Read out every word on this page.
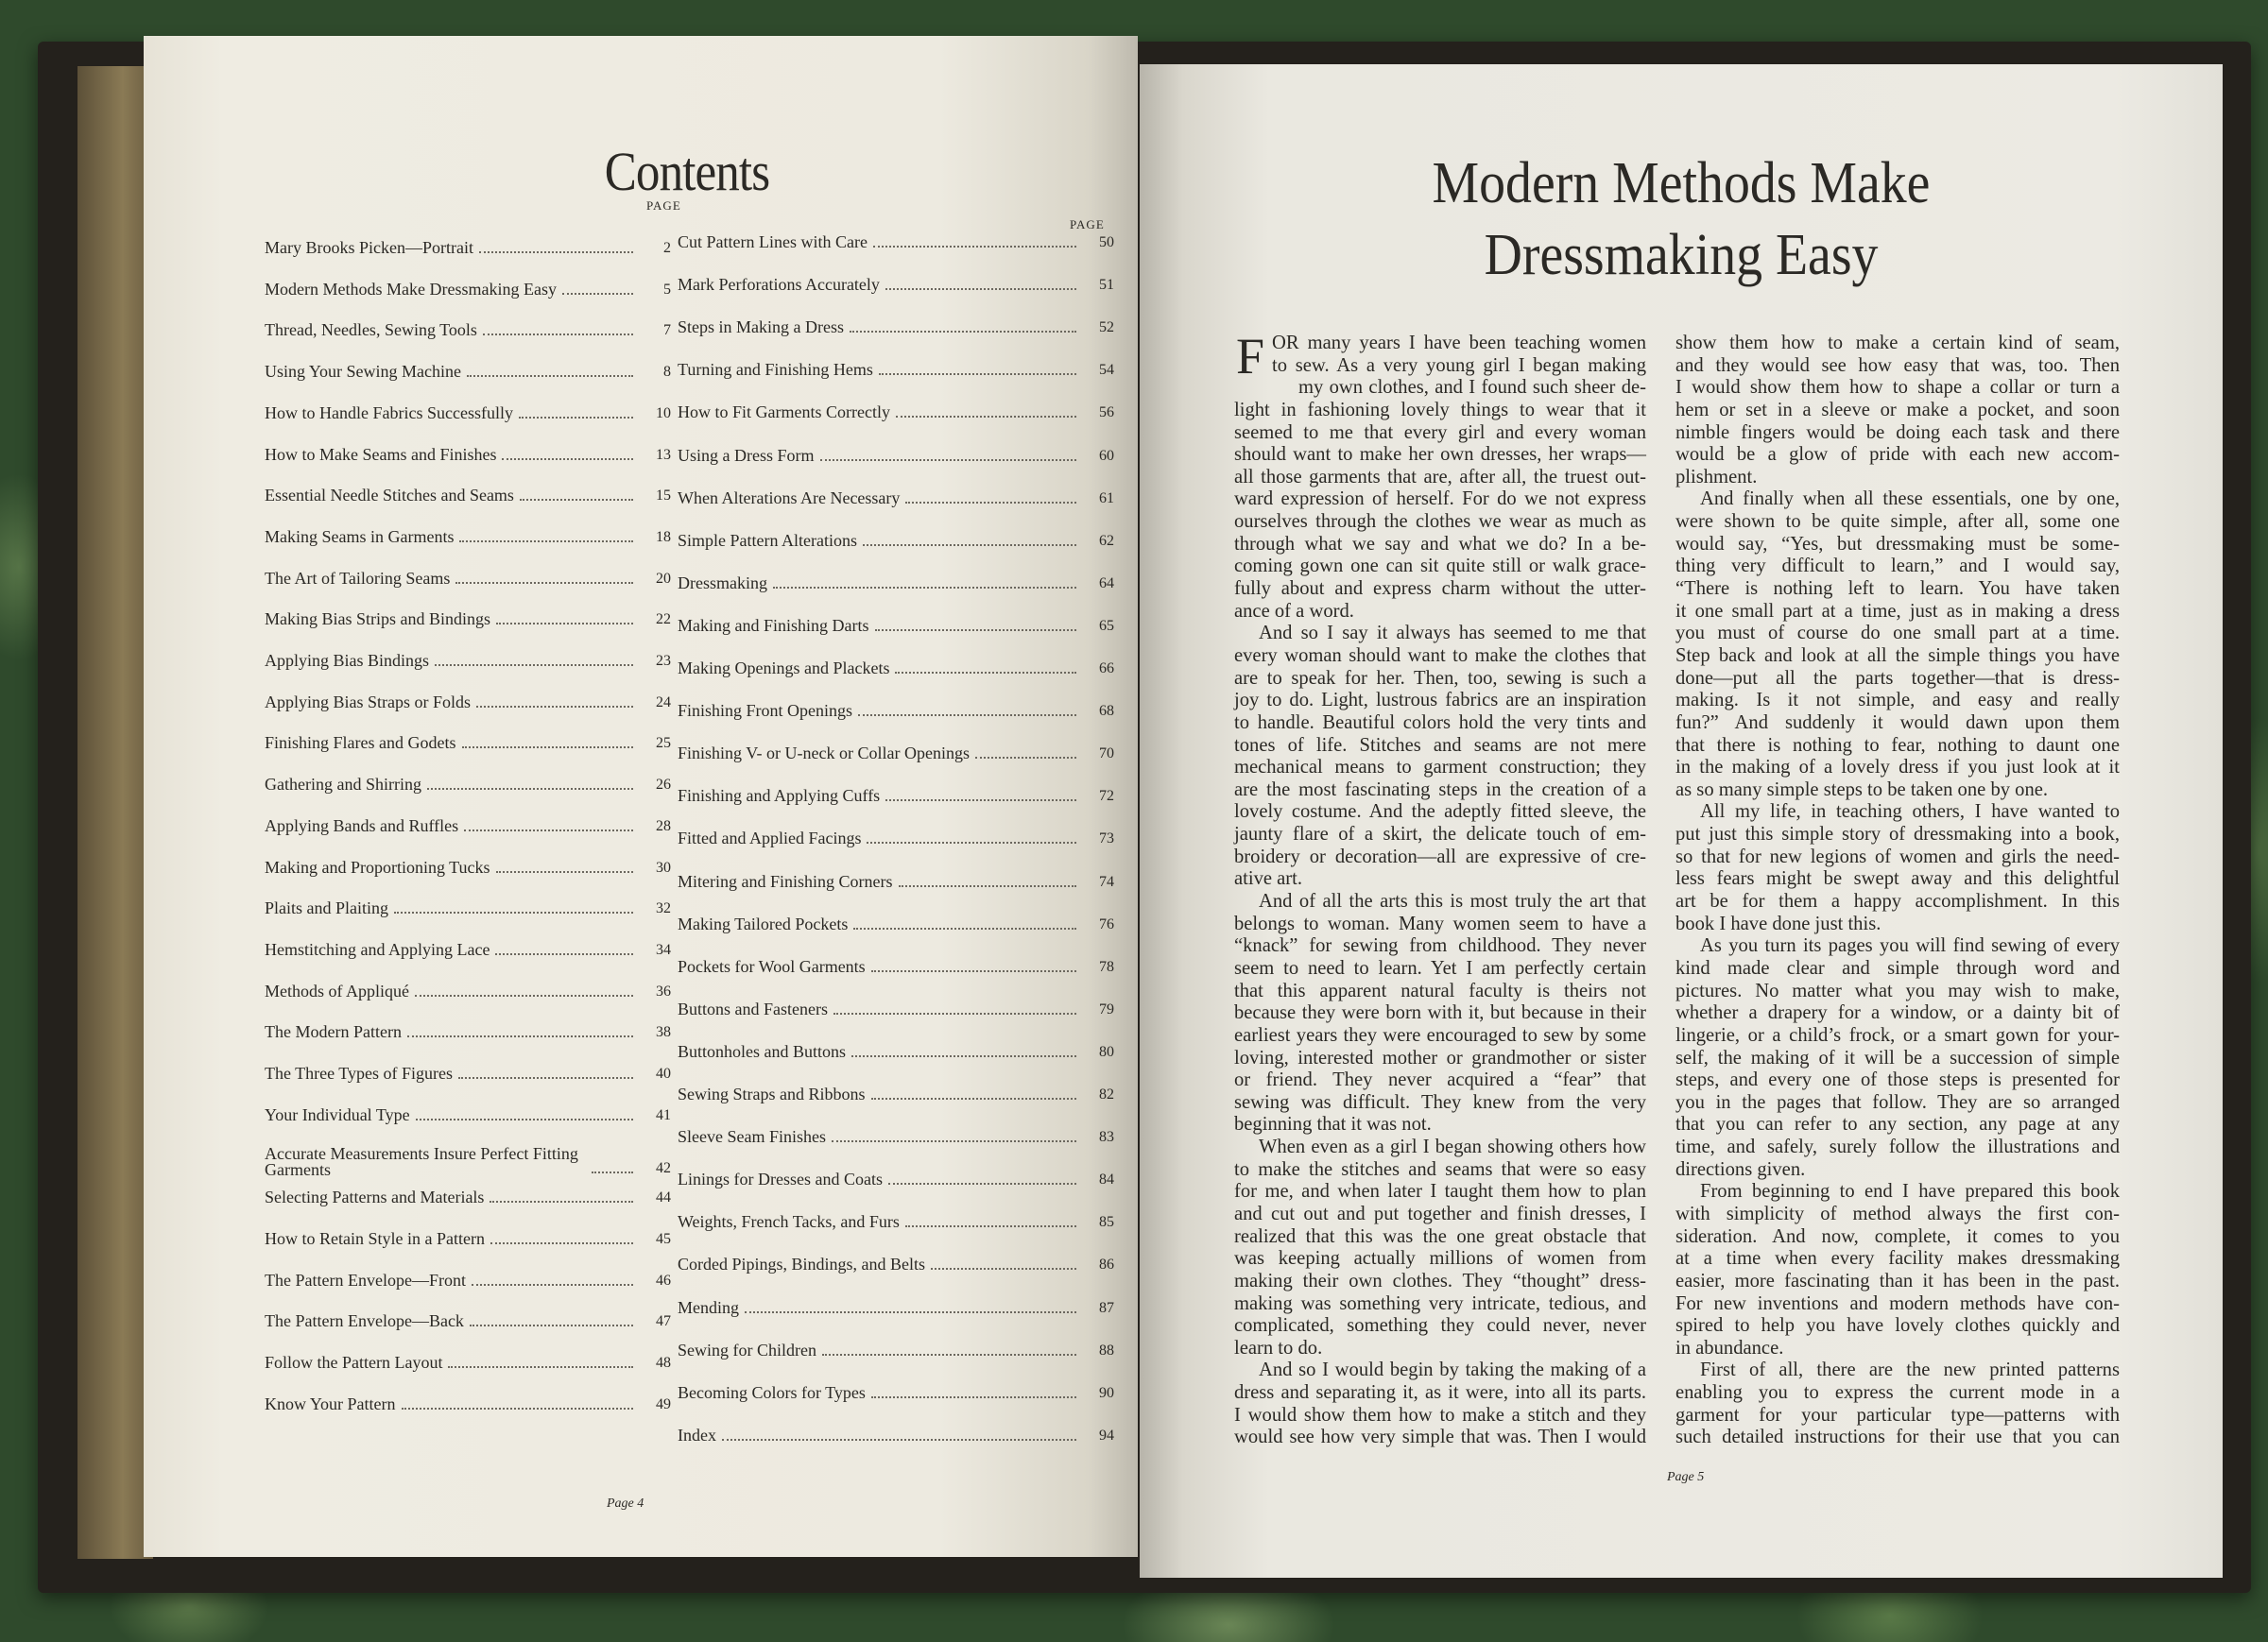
Contents
PAGE
PAGE
Mary Brooks Picken—Portrait	2
Modern Methods Make Dressmaking Easy	5
Thread, Needles, Sewing Tools	7
Using Your Sewing Machine	8
How to Handle Fabrics Successfully	10
How to Make Seams and Finishes	13
Essential Needle Stitches and Seams	15
Making Seams in Garments	18
The Art of Tailoring Seams	20
Making Bias Strips and Bindings	22
Applying Bias Bindings	23
Applying Bias Straps or Folds	24
Finishing Flares and Godets	25
Gathering and Shirring	26
Applying Bands and Ruffles	28
Making and Proportioning Tucks	30
Plaits and Plaiting	32
Hemstitching and Applying Lace	34
Methods of Appliqué	36
The Modern Pattern	38
The Three Types of Figures	40
Your Individual Type	41
Accurate Measurements Insure Perfect Fitting Garments	42
Selecting Patterns and Materials	44
How to Retain Style in a Pattern	45
The Pattern Envelope—Front	46
The Pattern Envelope—Back	47
Follow the Pattern Layout	48
Know Your Pattern	49
Cut Pattern Lines with Care	50
Mark Perforations Accurately	51
Steps in Making a Dress	52
Turning and Finishing Hems	54
How to Fit Garments Correctly	56
Using a Dress Form	60
When Alterations Are Necessary	61
Simple Pattern Alterations	62
Dressmaking	64
Making and Finishing Darts	65
Making Openings and Plackets	66
Finishing Front Openings	68
Finishing V- or U-neck or Collar Openings	70
Finishing and Applying Cuffs	72
Fitted and Applied Facings	73
Mitering and Finishing Corners	74
Making Tailored Pockets	76
Pockets for Wool Garments	78
Buttons and Fasteners	79
Buttonholes and Buttons	80
Sewing Straps and Ribbons	82
Sleeve Seam Finishes	83
Linings for Dresses and Coats	84
Weights, French Tacks, and Furs	85
Corded Pipings, Bindings, and Belts	86
Mending	87
Sewing for Children	88
Becoming Colors for Types	90
Index	94
Page 4
Modern Methods Make
Dressmaking Easy
F OR many years I have been teaching women
to sew. As a very young girl I began making
my own clothes, and I found such sheer de-
light in fashioning lovely things to wear that it
seemed to me that every girl and every woman
should want to make her own dresses, her wraps—
all those garments that are, after all, the truest out-
ward expression of herself. For do we not express
ourselves through the clothes we wear as much as
through what we say and what we do? In a be-
coming gown one can sit quite still or walk grace-
fully about and express charm without the utter-
ance of a word.
And so I say it always has seemed to me that
every woman should want to make the clothes that
are to speak for her. Then, too, sewing is such a
joy to do. Light, lustrous fabrics are an inspiration
to handle. Beautiful colors hold the very tints and
tones of life. Stitches and seams are not mere
mechanical means to garment construction; they
are the most fascinating steps in the creation of a
lovely costume. And the adeptly fitted sleeve, the
jaunty flare of a skirt, the delicate touch of em-
broidery or decoration—all are expressive of cre-
ative art.
And of all the arts this is most truly the art that
belongs to woman. Many women seem to have a
“knack” for sewing from childhood. They never
seem to need to learn. Yet I am perfectly certain
that this apparent natural faculty is theirs not
because they were born with it, but because in their
earliest years they were encouraged to sew by some
loving, interested mother or grandmother or sister
or friend. They never acquired a “fear” that
sewing was difficult. They knew from the very
beginning that it was not.
When even as a girl I began showing others how
to make the stitches and seams that were so easy
for me, and when later I taught them how to plan
and cut out and put together and finish dresses, I
realized that this was the one great obstacle that
was keeping actually millions of women from
making their own clothes. They “thought” dress-
making was something very intricate, tedious, and
complicated, something they could never, never
learn to do.
And so I would begin by taking the making of a
dress and separating it, as it were, into all its parts.
I would show them how to make a stitch and they
would see how very simple that was. Then I would
show them how to make a certain kind of seam,
and they would see how easy that was, too. Then
I would show them how to shape a collar or turn a
hem or set in a sleeve or make a pocket, and soon
nimble fingers would be doing each task and there
would be a glow of pride with each new accom-
plishment.
And finally when all these essentials, one by one,
were shown to be quite simple, after all, some one
would say, “Yes, but dressmaking must be some-
thing very difficult to learn,” and I would say,
“There is nothing left to learn. You have taken
it one small part at a time, just as in making a dress
you must of course do one small part at a time.
Step back and look at all the simple things you have
done—put all the parts together—that is dress-
making. Is it not simple, and easy and really
fun?” And suddenly it would dawn upon them
that there is nothing to fear, nothing to daunt one
in the making of a lovely dress if you just look at it
as so many simple steps to be taken one by one.
All my life, in teaching others, I have wanted to
put just this simple story of dressmaking into a book,
so that for new legions of women and girls the need-
less fears might be swept away and this delightful
art be for them a happy accomplishment. In this
book I have done just this.
As you turn its pages you will find sewing of every
kind made clear and simple through word and
pictures. No matter what you may wish to make,
whether a drapery for a window, or a dainty bit of
lingerie, or a child’s frock, or a smart gown for your-
self, the making of it will be a succession of simple
steps, and every one of those steps is presented for
you in the pages that follow. They are so arranged
that you can refer to any section, any page at any
time, and safely, surely follow the illustrations and
directions given.
From beginning to end I have prepared this book
with simplicity of method always the first con-
sideration. And now, complete, it comes to you
at a time when every facility makes dressmaking
easier, more fascinating than it has been in the past.
For new inventions and modern methods have con-
spired to help you have lovely clothes quickly and
in abundance.
First of all, there are the new printed patterns
enabling you to express the current mode in a
garment for your particular type—patterns with
such detailed instructions for their use that you can
Page 5
